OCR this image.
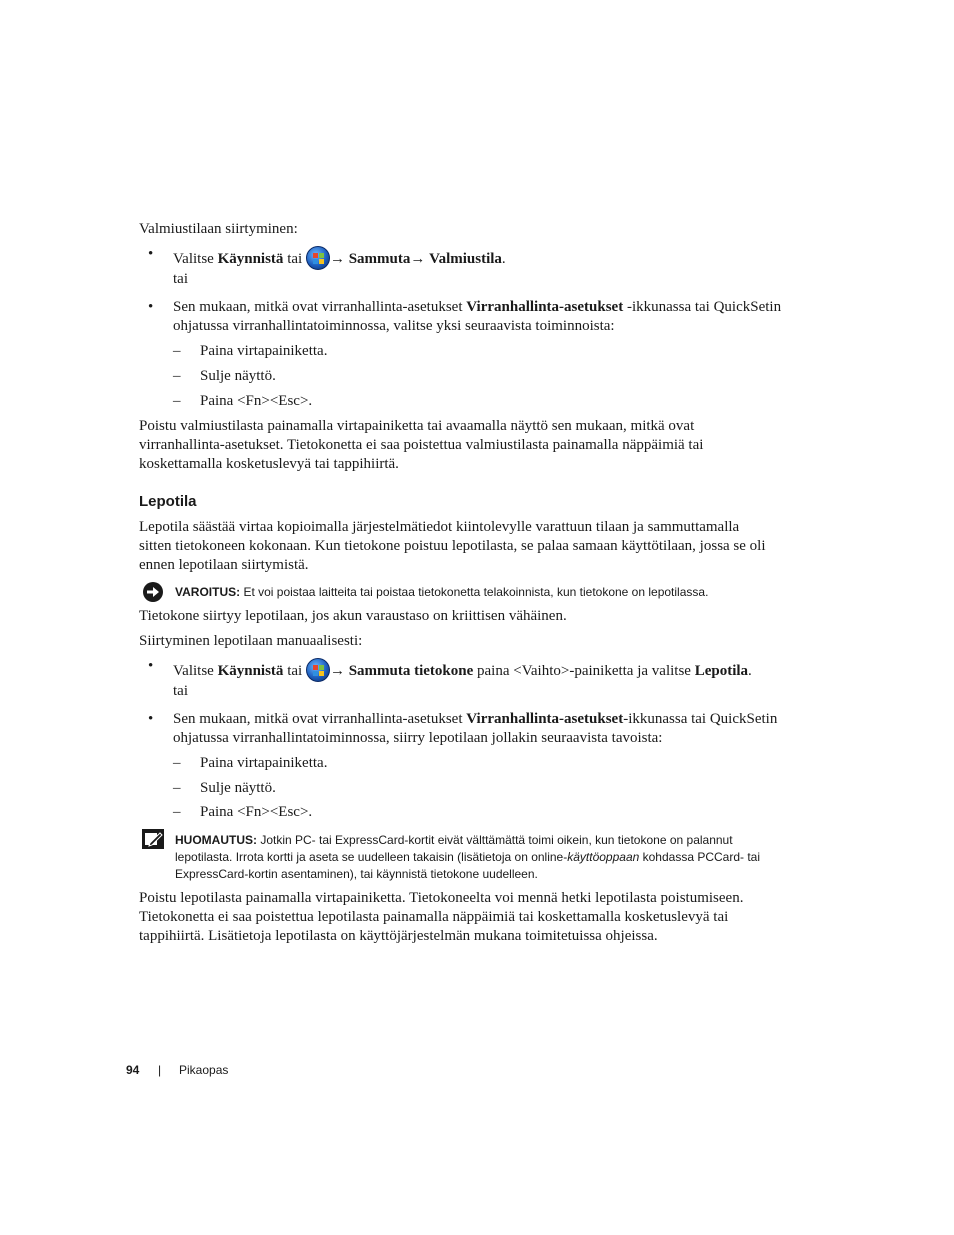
Valmiustilaan siirtyminen:
• Valitse Käynnistä tai → Sammuta→ Valmiustila.
tai
• Sen mukaan, mitkä ovat virranhallinta-asetukset Virranhallinta-asetukset -ikkunassa tai QuickSetin
ohjatussa virranhallintatoiminnossa, valitse yksi seuraavista toiminnoista:
– Paina virtapainiketta.
– Sulje näyttö.
– Paina <Fn><Esc>.
Poistu valmiustilasta painamalla virtapainiketta tai avaamalla näyttö sen mukaan, mitkä ovat
virranhallinta-asetukset. Tietokonetta ei saa poistettua valmiustilasta painamalla näppäimiä tai
koskettamalla kosketuslevyä tai tappihiirtä.
Lepotila
Lepotila säästää virtaa kopioimalla järjestelmätiedot kiintolevylle varattuun tilaan ja sammuttamalla
sitten tietokoneen kokonaan. Kun tietokone poistuu lepotilasta, se palaa samaan käyttötilaan, jossa se oli
ennen lepotilaan siirtymistä.
VAROITUS: Et voi poistaa laitteita tai poistaa tietokonetta telakoinnista, kun tietokone on lepotilassa.
Tietokone siirtyy lepotilaan, jos akun varaustaso on kriittisen vähäinen.
Siirtyminen lepotilaan manuaalisesti:
• Valitse Käynnistä tai → Sammuta tietokone paina <Vaihto>-painiketta ja valitse Lepotila.
tai
• Sen mukaan, mitkä ovat virranhallinta-asetukset Virranhallinta-asetukset-ikkunassa tai QuickSetin
ohjatussa virranhallintatoiminnossa, siirry lepotilaan jollakin seuraavista tavoista:
– Paina virtapainiketta.
– Sulje näyttö.
– Paina <Fn><Esc>.
HUOMAUTUS: Jotkin PC- tai ExpressCard-kortit eivät välttämättä toimi oikein, kun tietokone on palannut
lepotilasta. Irrota kortti ja aseta se uudelleen takaisin (lisätietoja on online-käyttöoppaan kohdassa PCCard- tai
ExpressCard-kortin asentaminen), tai käynnistä tietokone uudelleen.
Poistu lepotilasta painamalla virtapainiketta. Tietokoneelta voi mennä hetki lepotilasta poistumiseen.
Tietokonetta ei saa poistettua lepotilasta painamalla näppäimiä tai koskettamalla kosketuslevyä tai
tappihiirtä. Lisätietoja lepotilasta on käyttöjärjestelmän mukana toimitetuissa ohjeissa.
94 | Pikaopas
